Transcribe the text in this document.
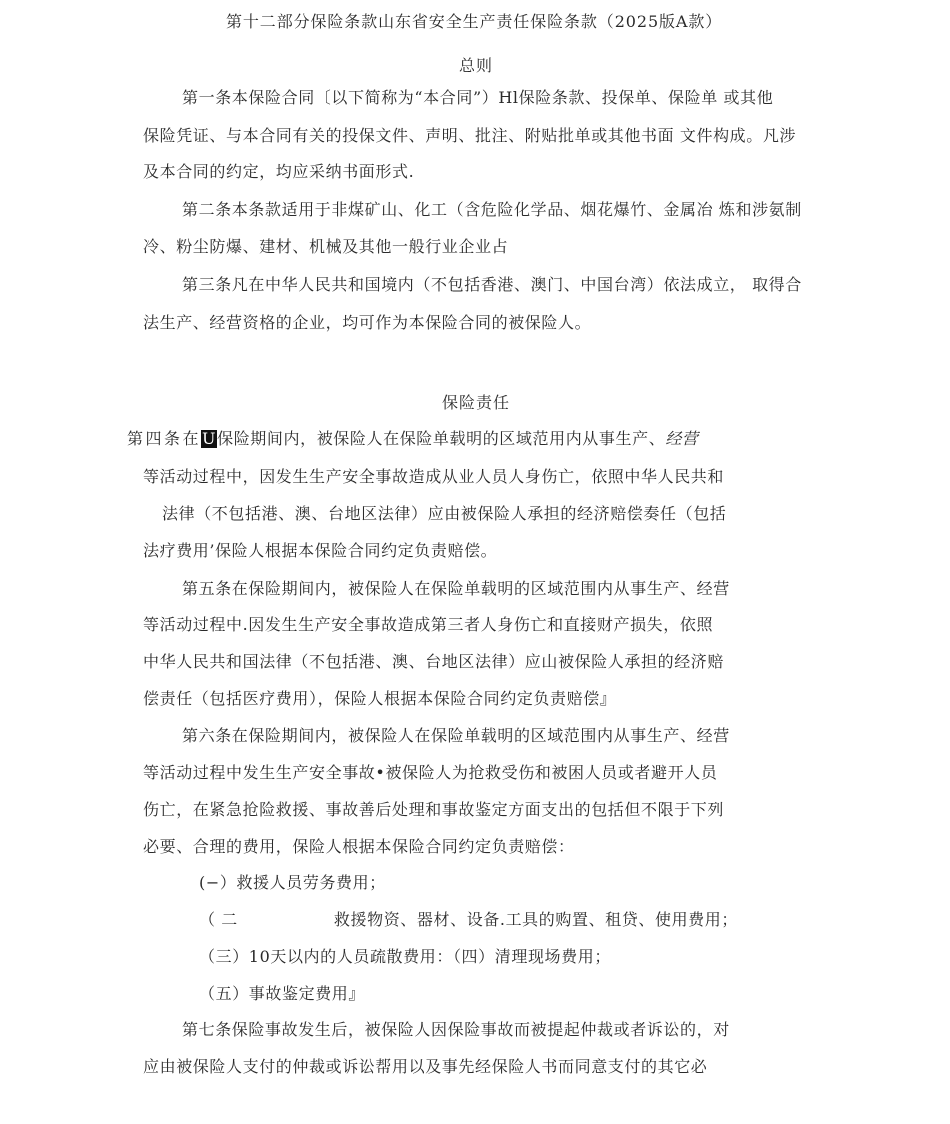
第十二部分保险条款山东省安全生产责任保险条款（2025版A款）
总则
第一条本保险合同〔以下简称为“本合同”）Hl保险条款、投保单、保险单 或其他
保险凭证、与本合同有关的投保文件、声明、批注、附贴批单或其他书面 文件构成。凡涉
及本合同的约定，均应采纳书面形式.
第二条本条款适用于非煤矿山、化工（含危险化学品、烟花爆竹、金属冶 炼和涉氨制
冷、粉尘防爆、建材、机械及其他一般行业企业占
第三条凡在中华人民共和国境内（不包括香港、澳门、中国台湾）依法成立， 取得合
法生产、经营资格的企业，均可作为本保险合同的被保险人。
保险责任
第四条在U保险期间内，被保险人在保险单载明的区域范用内从事生产、经营
等活动过程中，因发生生产安全事故造成从业人员人身伤亡，依照中华人民共和
法律（不包括港、澳、台地区法律）应由被保险人承担的经济赔偿奏任（包括
法疗费用’保险人根据本保险合同约定负责赔偿。
第五条在保险期间内，被保险人在保险单载明的区域范围内从事生产、经营
等活动过程中.因发生生产安全事故造成第三者人身伤亡和直接财产损失，依照
中华人民共和国法律（不包括港、澳、台地区法律）应山被保险人承担的经济赔
偿责任（包括医疗费用），保险人根据本保险合同约定负责赔偿』
第六条在保险期间内，被保险人在保险单载明的区域范围内从事生产、经营
等活动过程中发生生产安全事故•被保险人为抢救受伤和被困人员或者避开人员
伤亡，在紧急抢险救援、事故善后处理和事故鉴定方面支出的包括但不限于下列
必要、合理的费用，保险人根据本保险合同约定负责赔偿：
(−）救援人员劳务费用；
（ 二	救援物资、器材、设备.工具的购置、租贷、使用费用；
（三）10天以内的人员疏散费用：（四）清理现场费用；
（五）事故鉴定费用』
第七条保险事故发生后，被保险人因保险事故而被提起仲裁或者诉讼的，对
应由被保险人支付的仲裁或诉讼帮用以及事先经保险人书而同意支付的其它必
